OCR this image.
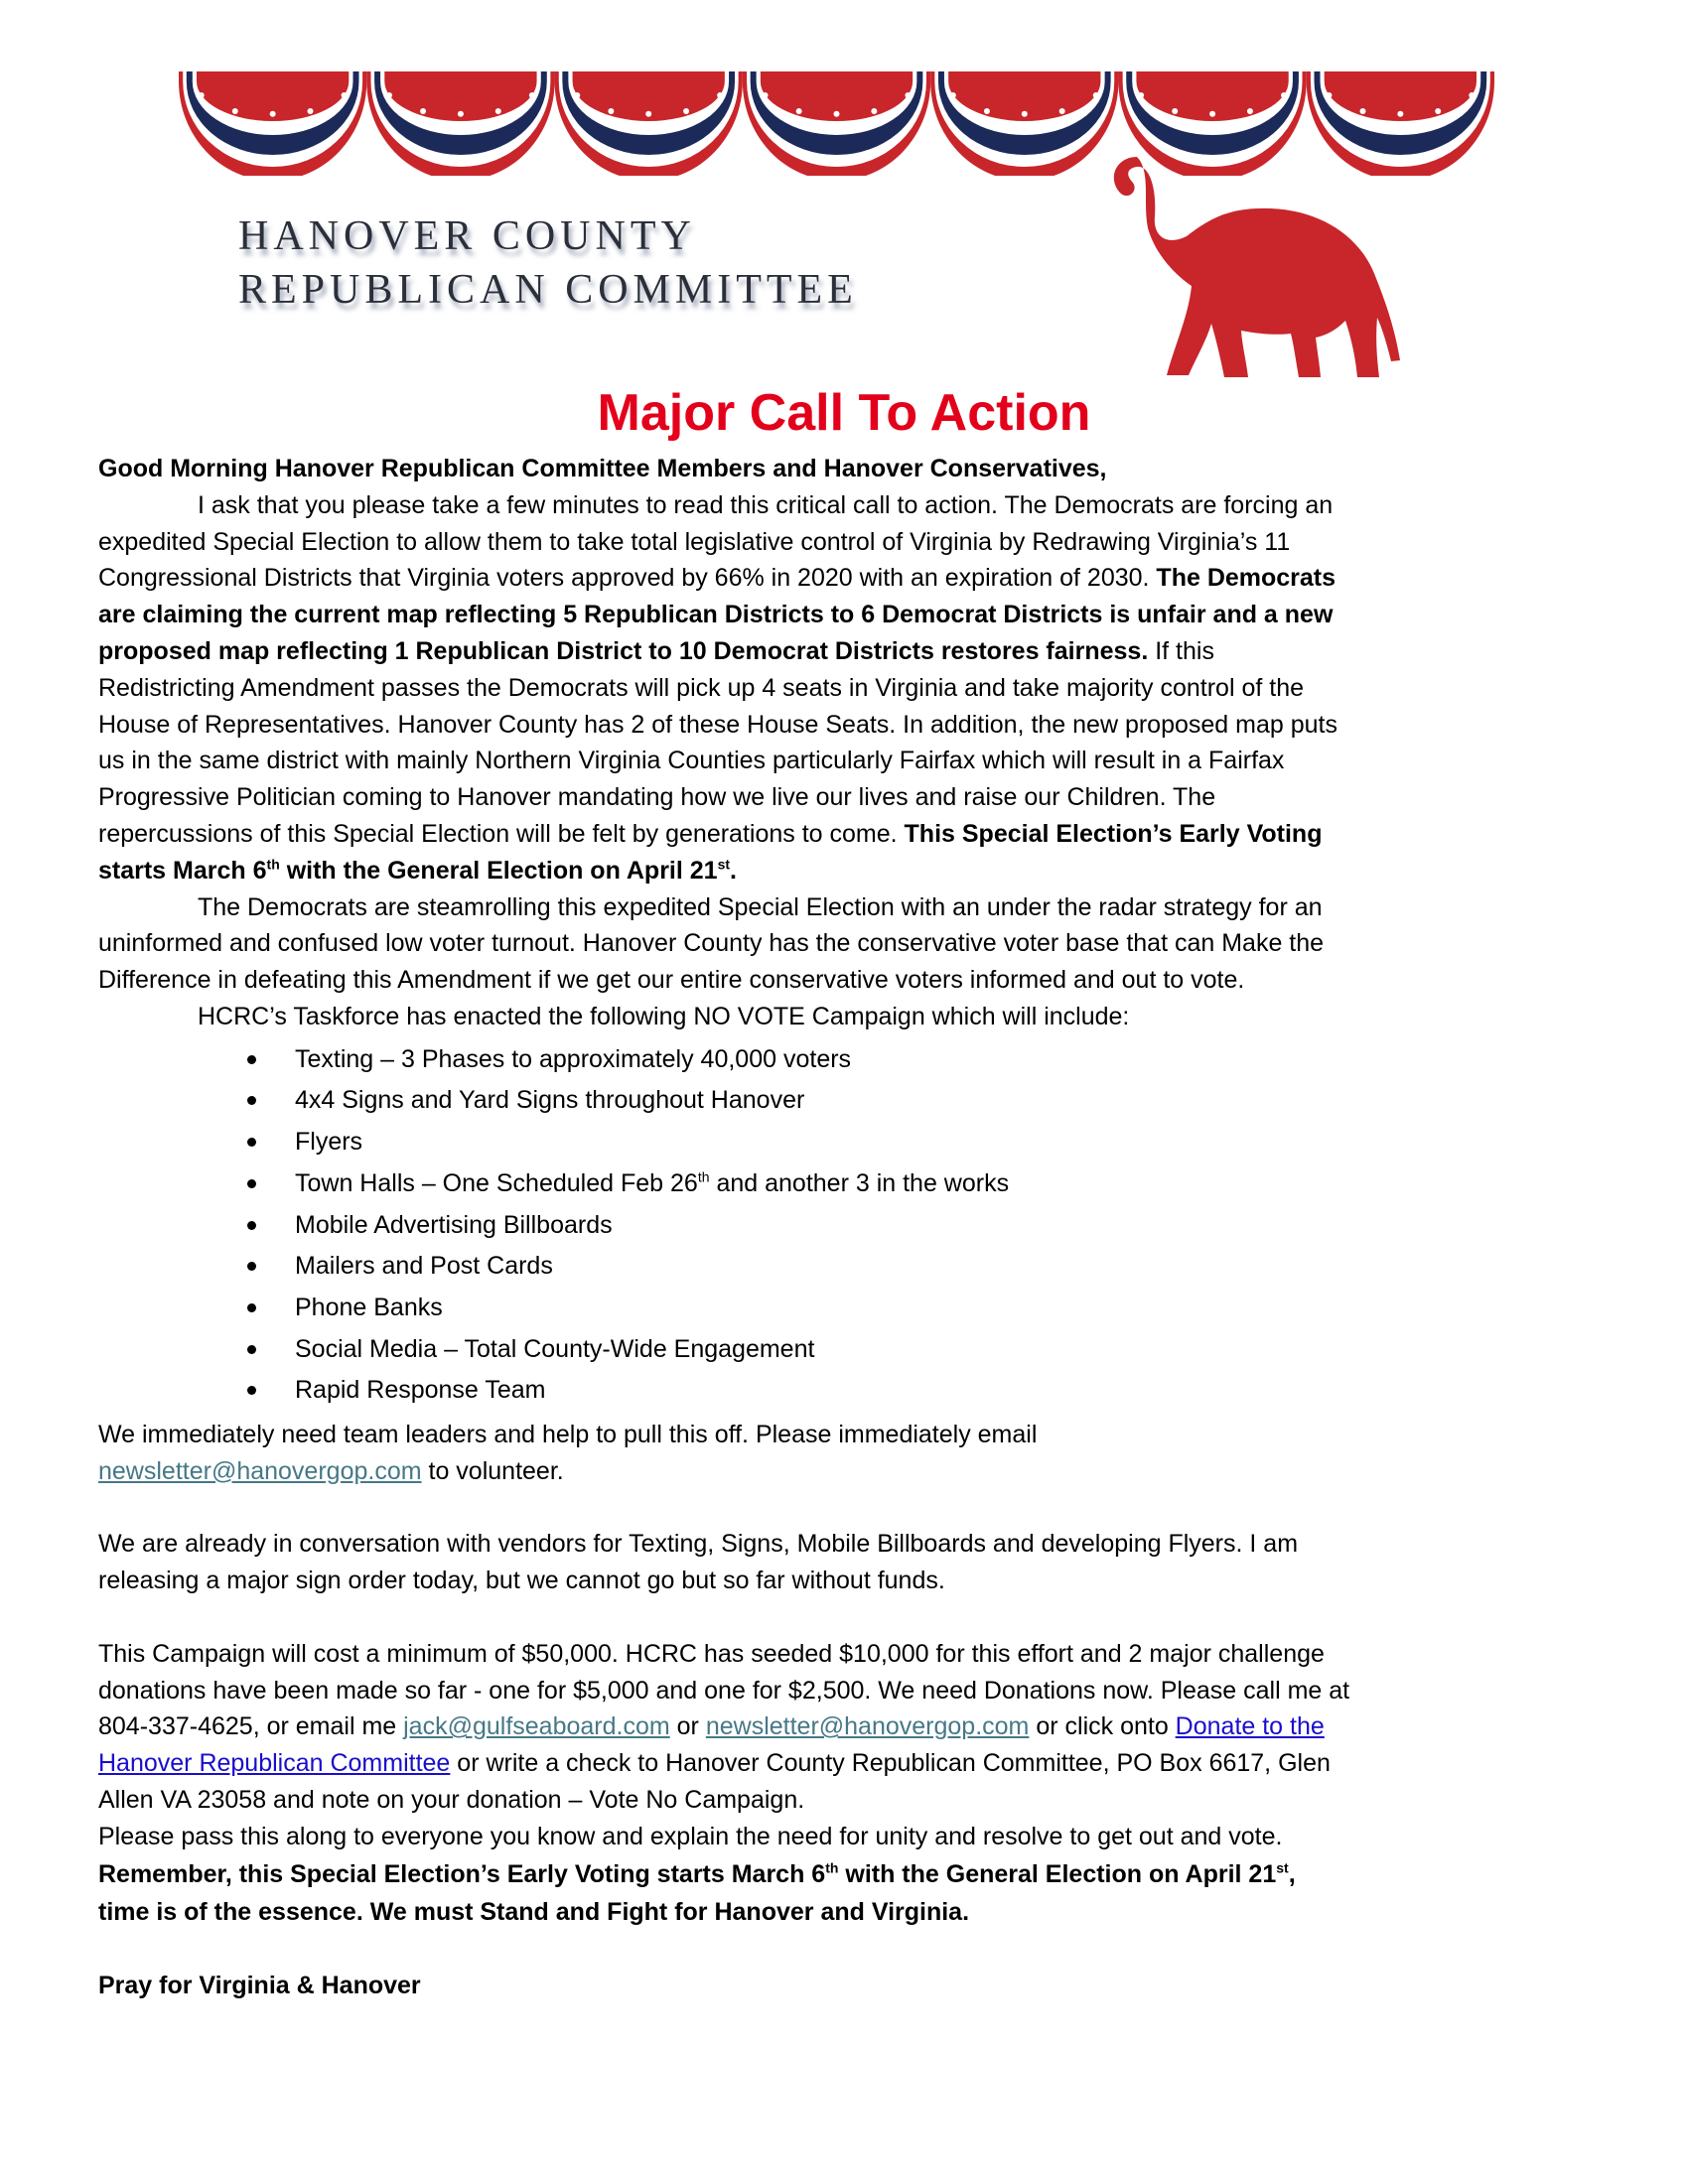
HANOVER COUNTY
REPUBLICAN COMMITTEE
Major Call To Action
Good Morning Hanover Republican Committee Members and Hanover Conservatives,
I ask that you please take a few minutes to read this critical call to action. The Democrats are forcing an
expedited Special Election to allow them to take total legislative control of Virginia by Redrawing Virginia’s 11
Congressional Districts that Virginia voters approved by 66% in 2020 with an expiration of 2030. The Democrats
are claiming the current map reflecting 5 Republican Districts to 6 Democrat Districts is unfair and a new
proposed map reflecting 1 Republican District to 10 Democrat Districts restores fairness. If this
Redistricting Amendment passes the Democrats will pick up 4 seats in Virginia and take majority control of the
House of Representatives. Hanover County has 2 of these House Seats. In addition, the new proposed map puts
us in the same district with mainly Northern Virginia Counties particularly Fairfax which will result in a Fairfax
Progressive Politician coming to Hanover mandating how we live our lives and raise our Children. The
repercussions of this Special Election will be felt by generations to come. This Special Election’s Early Voting
starts March 6th with the General Election on April 21st.
The Democrats are steamrolling this expedited Special Election with an under the radar strategy for an
uninformed and confused low voter turnout. Hanover County has the conservative voter base that can Make the
Difference in defeating this Amendment if we get our entire conservative voters informed and out to vote.
HCRC’s Taskforce has enacted the following NO VOTE Campaign which will include:
Texting – 3 Phases to approximately 40,000 voters
4x4 Signs and Yard Signs throughout Hanover
Flyers
Town Halls – One Scheduled Feb 26th and another 3 in the works
Mobile Advertising Billboards
Mailers and Post Cards
Phone Banks
Social Media – Total County-Wide Engagement
Rapid Response Team
We immediately need team leaders and help to pull this off. Please immediately email
newsletter@hanovergop.com to volunteer.
We are already in conversation with vendors for Texting, Signs, Mobile Billboards and developing Flyers. I am
releasing a major sign order today, but we cannot go but so far without funds.
This Campaign will cost a minimum of $50,000. HCRC has seeded $10,000 for this effort and 2 major challenge
donations have been made so far - one for $5,000 and one for $2,500. We need Donations now. Please call me at
804-337-4625, or email me jack@gulfseaboard.com or newsletter@hanovergop.com or click onto Donate to the
Hanover Republican Committee or write a check to Hanover County Republican Committee, PO Box 6617, Glen
Allen VA 23058 and note on your donation – Vote No Campaign.
Please pass this along to everyone you know and explain the need for unity and resolve to get out and vote.
Remember, this Special Election’s Early Voting starts March 6th with the General Election on April 21st,
time is of the essence. We must Stand and Fight for Hanover and Virginia.
Pray for Virginia & Hanover
